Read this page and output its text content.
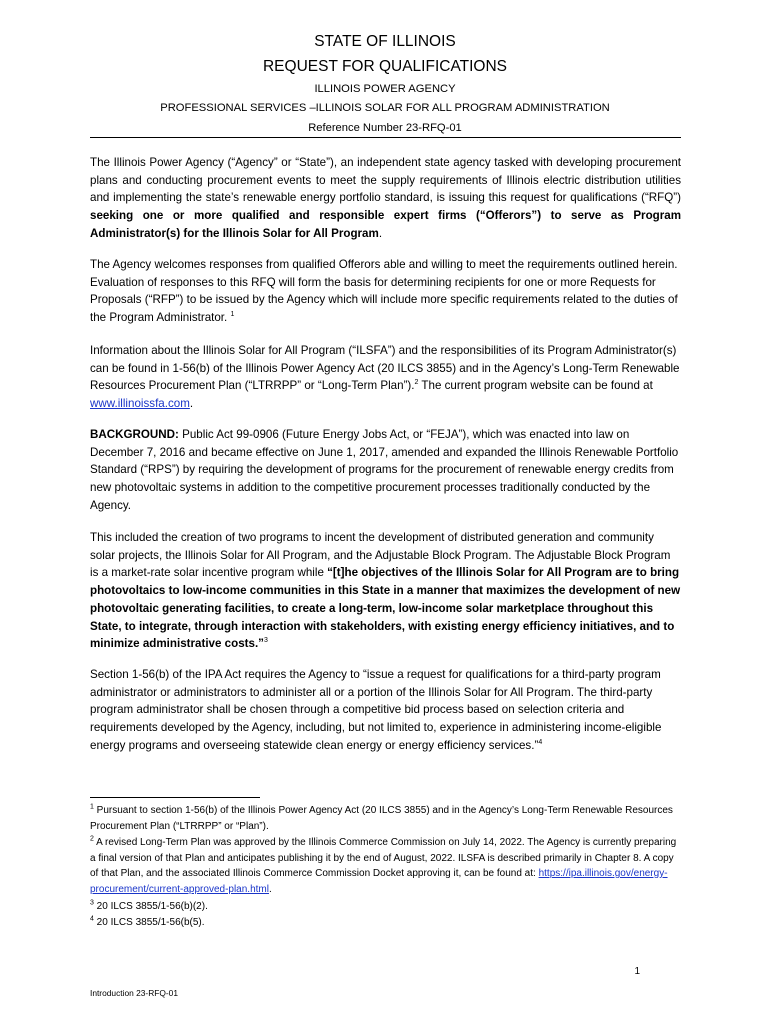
STATE OF ILLINOIS
REQUEST FOR QUALIFICATIONS
ILLINOIS POWER AGENCY
PROFESSIONAL SERVICES –ILLINOIS SOLAR FOR ALL PROGRAM ADMINISTRATION
Reference Number 23-RFQ-01
The Illinois Power Agency (“Agency” or “State”), an independent state agency tasked with developing procurement plans and conducting procurement events to meet the supply requirements of Illinois electric distribution utilities and implementing the state’s renewable energy portfolio standard, is issuing this request for qualifications (“RFQ”) seeking one or more qualified and responsible expert firms (“Offerors”) to serve as Program Administrator(s) for the Illinois Solar for All Program.
The Agency welcomes responses from qualified Offerors able and willing to meet the requirements outlined herein. Evaluation of responses to this RFQ will form the basis for determining recipients for one or more Requests for Proposals (“RFP”) to be issued by the Agency which will include more specific requirements related to the duties of the Program Administrator. $^1$
Information about the Illinois Solar for All Program (“ILSFA”) and the responsibilities of its Program Administrator(s) can be found in 1-56(b) of the Illinois Power Agency Act (20 ILCS 3855) and in the Agency’s Long-Term Renewable Resources Procurement Plan (“LTRRPP” or “Long-Term Plan”).$^2$ The current program website can be found at www.illinoissfa.com.
BACKGROUND: Public Act 99-0906 (Future Energy Jobs Act, or “FEJA”), which was enacted into law on December 7, 2016 and became effective on June 1, 2017, amended and expanded the Illinois Renewable Portfolio Standard (“RPS”) by requiring the development of programs for the procurement of renewable energy credits from new photovoltaic systems in addition to the competitive procurement processes traditionally conducted by the Agency.
This included the creation of two programs to incent the development of distributed generation and community solar projects, the Illinois Solar for All Program, and the Adjustable Block Program. The Adjustable Block Program is a market-rate solar incentive program while “[t]he objectives of the Illinois Solar for All Program are to bring photovoltaics to low-income communities in this State in a manner that maximizes the development of new photovoltaic generating facilities, to create a long-term, low-income solar marketplace throughout this State, to integrate, through interaction with stakeholders, with existing energy efficiency initiatives, and to minimize administrative costs.”$^3$
Section 1-56(b) of the IPA Act requires the Agency to “issue a request for qualifications for a third-party program administrator or administrators to administer all or a portion of the Illinois Solar for All Program. The third-party program administrator shall be chosen through a competitive bid process based on selection criteria and requirements developed by the Agency, including, but not limited to, experience in administering income-eligible energy programs and overseeing statewide clean energy or energy efficiency services.”$^4$
$^1$ Pursuant to section 1-56(b) of the Illinois Power Agency Act (20 ILCS 3855) and in the Agency’s Long-Term Renewable Resources Procurement Plan (“LTRRPP” or “Plan”).
$^2$ A revised Long-Term Plan was approved by the Illinois Commerce Commission on July 14, 2022. The Agency is currently preparing a final version of that Plan and anticipates publishing it by the end of August, 2022. ILSFA is described primarily in Chapter 8. A copy of that Plan, and the associated Illinois Commerce Commission Docket approving it, can be found at: https://ipa.illinois.gov/energy-procurement/current-approved-plan.html.
$^3$ 20 ILCS 3855/1-56(b)(2).
$^4$ 20 ILCS 3855/1-56(b(5).
1
Introduction 23-RFQ-01
